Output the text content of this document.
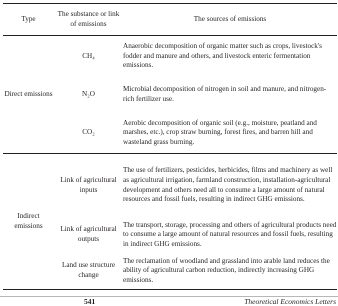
Type	The substance or link of emissions	The sources of emissions
Direct emissions	CH₄	Anaerobic decomposition of organic matter such as crops, livestock's fodder and manure and others, and livestock enteric fermentation emissions.
	N₂O	Microbial decomposition of nitrogen in soil and manure, and nitrogen-rich fertilizer use.
	CO₂	Aerobic decomposition of organic soil (e.g., moisture, peatland and marshes, etc.), crop straw burning, forest fires, and barren hill and wasteland grass burning.
Indirect emissions	Link of agricultural inputs	The use of fertilizers, pesticides, herbicides, films and machinery as well as agricultural irrigation, farmland construction, installation-agricultural development and others need all to consume a large amount of natural resources and fossil fuels, resulting in indirect GHG emissions.
	Link of agricultural outputs	The transport, storage, processing and others of agricultural products need to consume a large amount of natural resources and fossil fuels, resulting in indirect GHG emissions.
	Land use structure change	The reclamation of woodland and grassland into arable land reduces the ability of agricultural carbon reduction, indirectly increasing GHG emissions.
541	Theoretical Economics Letters
